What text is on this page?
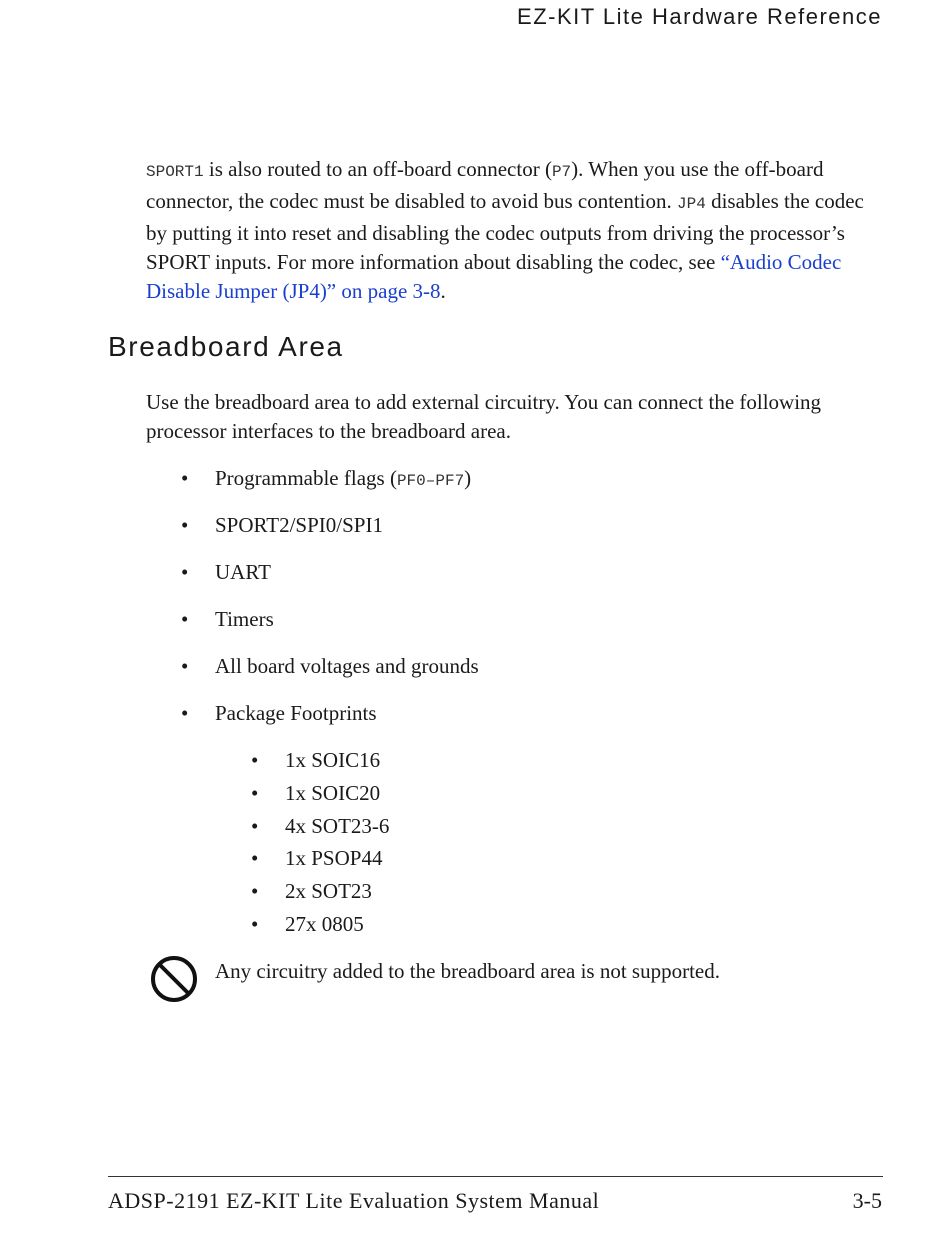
EZ-KIT Lite Hardware Reference

SPORT1 is also routed to an off-board connector (P7). When you use the off-board connector, the codec must be disabled to avoid bus contention. JP4 disables the codec by putting it into reset and disabling the codec outputs from driving the processor’s SPORT inputs. For more information about disabling the codec, see “Audio Codec Disable Jumper (JP4)” on page 3-8.

Breadboard Area

Use the breadboard area to add external circuitry. You can connect the following processor interfaces to the breadboard area.

• Programmable flags (PF0–PF7)
• SPORT2/SPI0/SPI1
• UART
• Timers
• All board voltages and grounds
• Package Footprints
• 1x SOIC16
• 1x SOIC20
• 4x SOT23-6
• 1x PSOP44
• 2x SOT23
• 27x 0805
Any circuitry added to the breadboard area is not supported.
ADSP-2191 EZ-KIT Lite Evaluation System Manual	3-5
